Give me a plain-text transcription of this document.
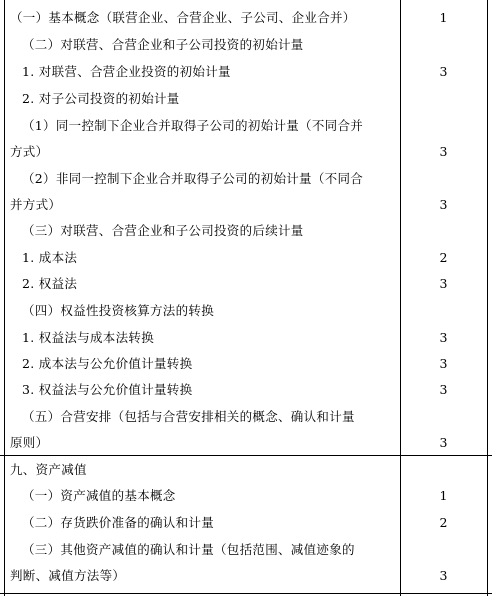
（一）基本概念（联营企业、合营企业、子公司、企业合并）	1
（二）对联营、合营企业和子公司投资的初始计量
1. 对联营、合营企业投资的初始计量	3
2. 对子公司投资的初始计量
（1）同一控制下企业合并取得子公司的初始计量（不同合并
方式）	3
（2）非同一控制下企业合并取得子公司的初始计量（不同合
并方式）	3
（三）对联营、合营企业和子公司投资的后续计量
1. 成本法	2
2. 权益法	3
（四）权益性投资核算方法的转换
1. 权益法与成本法转换	3
2. 成本法与公允价值计量转换	3
3. 权益法与公允价值计量转换	3
（五）合营安排（包括与合营安排相关的概念、确认和计量
原则）	3
九、资产减值
（一）资产减值的基本概念	1
（二）存货跌价准备的确认和计量	2
（三）其他资产减值的确认和计量（包括范围、减值迹象的
判断、减值方法等）	3
